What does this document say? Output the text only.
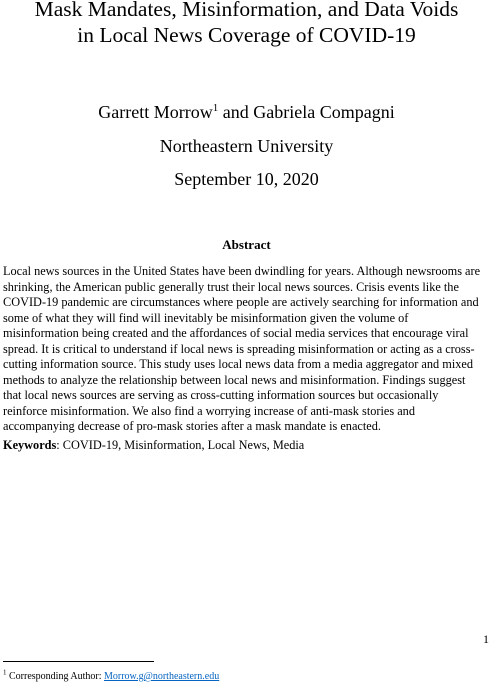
Mask Mandates, Misinformation, and Data Voids
in Local News Coverage of COVID-19
Garrett Morrow$^1$ and Gabriela Compagni
Northeastern University
September 10, 2020
Abstract

Local news sources in the United States have been dwindling for years. Although newsrooms are
shrinking, the American public generally trust their local news sources. Crisis events like the
COVID-19 pandemic are circumstances where people are actively searching for information and
some of what they will find will inevitably be misinformation given the volume of
misinformation being created and the affordances of social media services that encourage viral
spread. It is critical to understand if local news is spreading misinformation or acting as a cross-
cutting information source. This study uses local news data from a media aggregator and mixed
methods to analyze the relationship between local news and misinformation. Findings suggest
that local news sources are serving as cross-cutting information sources but occasionally
reinforce misinformation. We also find a worrying increase of anti-mask stories and
accompanying decrease of pro-mask stories after a mask mandate is enacted.

Keywords: COVID-19, Misinformation, Local News, Media
1
$^1$ Corresponding Author: Morrow.g@northeastern.edu
